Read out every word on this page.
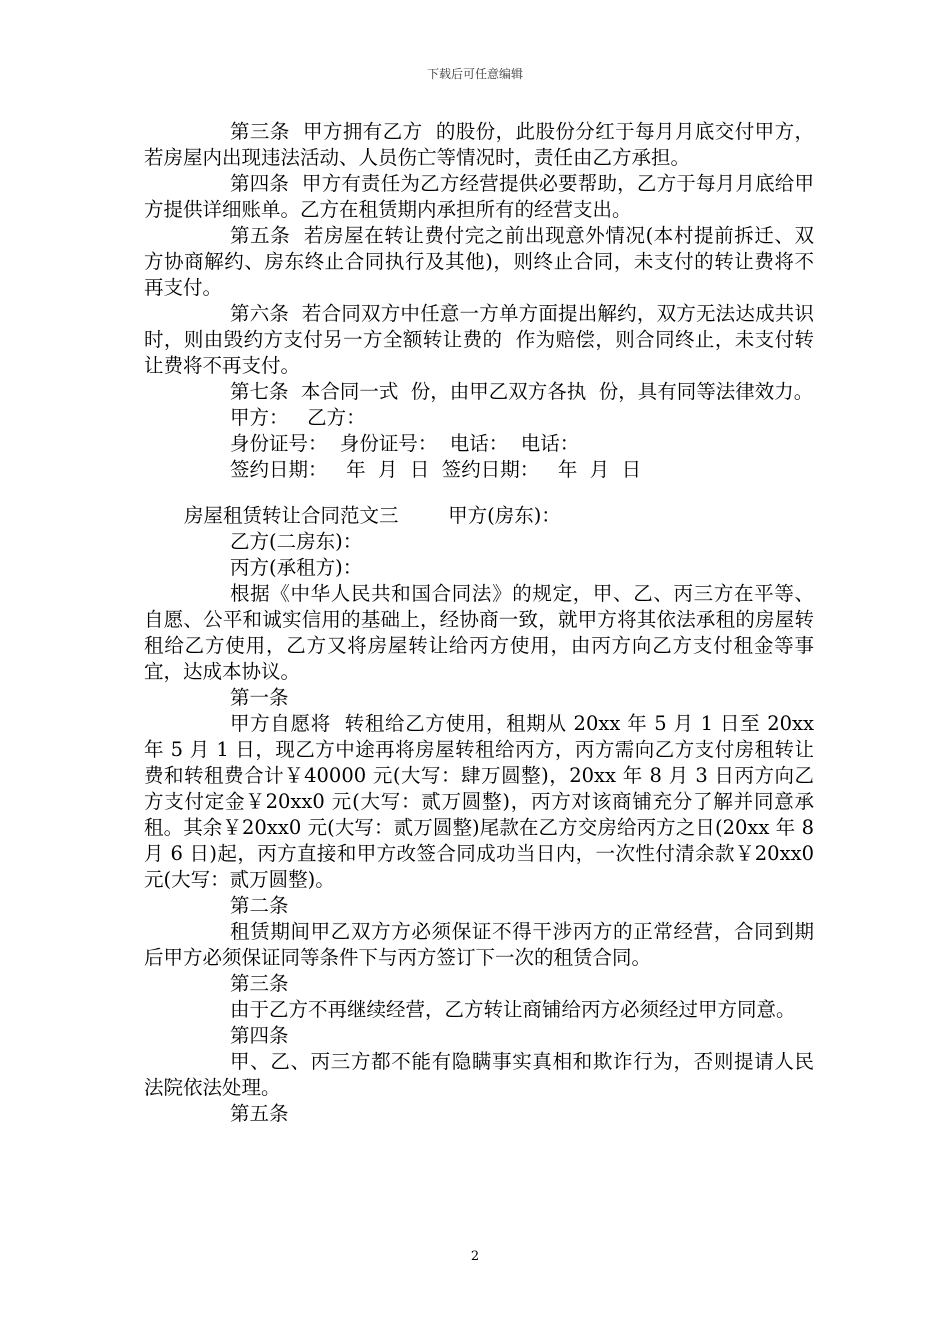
下载后可任意编辑

第三条  甲方拥有乙方  的股份，此股份分红于每月月底交付甲方，若房屋内出现违法活动、人员伤亡等情况时，责任由乙方承担。

第四条  甲方有责任为乙方经营提供必要帮助，乙方于每月月底给甲方提供详细账单。乙方在租赁期内承担所有的经营支出。

第五条  若房屋在转让费付完之前出现意外情况(本村提前拆迁、双方协商解约、房东终止合同执行及其他)，则终止合同，未支付的转让费将不再支付。

第六条  若合同双方中任意一方单方面提出解约，双方无法达成共识时，则由毁约方支付另一方全额转让费的  作为赔偿，则合同终止，未支付转让费将不再支付。

第七条  本合同一式  份，由甲乙双方各执  份，具有同等法律效力。

甲方：   乙方：

身份证号：  身份证号：  电话：  电话：

签约日期：   年  月  日  签约日期：   年  月  日

房屋租赁转让合同范文三        甲方(房东)：

乙方(二房东)：

丙方(承租方)：

根据《中华人民共和国合同法》的规定，甲、乙、丙三方在平等、自愿、公平和诚实信用的基础上，经协商一致，就甲方将其依法承租的房屋转租给乙方使用，乙方又将房屋转让给丙方使用，由丙方向乙方支付租金等事宜，达成本协议。

第一条

甲方自愿将  转租给乙方使用，租期从 20xx 年 5 月 1 日至 20xx 年 5 月 1 日，现乙方中途再将房屋转租给丙方，丙方需向乙方支付房租转让费和转租费合计￥40000 元(大写：肆万圆整)，20xx 年 8 月 3 日丙方向乙方支付定金￥20xx0 元(大写：贰万圆整)，丙方对该商铺充分了解并同意承租。其余￥20xx0 元(大写：贰万圆整)尾款在乙方交房给丙方之日(20xx 年 8 月 6 日)起，丙方直接和甲方改签合同成功当日内，一次性付清余款￥20xx0 元(大写：贰万圆整)。

第二条

租赁期间甲乙双方方必须保证不得干涉丙方的正常经营，合同到期后甲方必须保证同等条件下与丙方签订下一次的租赁合同。

第三条

由于乙方不再继续经营，乙方转让商铺给丙方必须经过甲方同意。

第四条

甲、乙、丙三方都不能有隐瞒事实真相和欺诈行为，否则提请人民法院依法处理。

第五条

2
